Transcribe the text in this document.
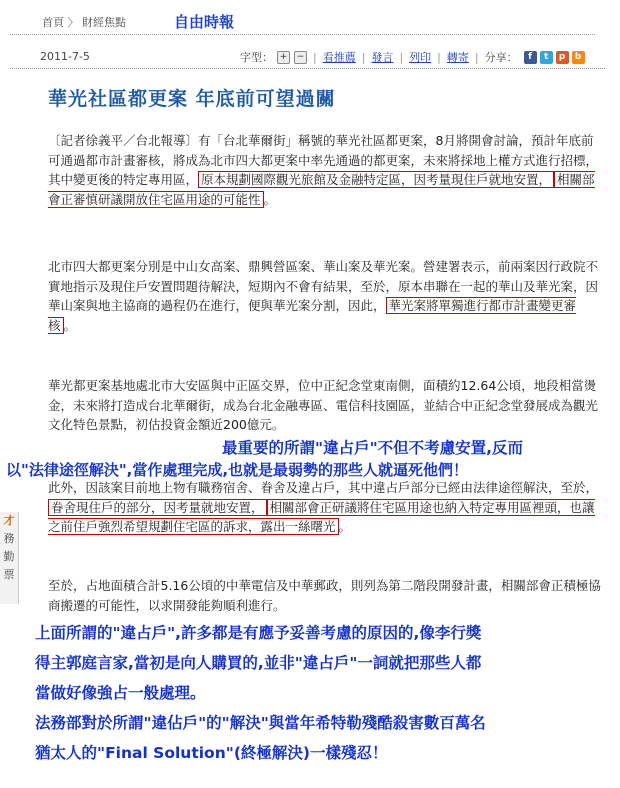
首頁 〉 財經焦點	自由時報
2011-7-5	字型： +	− | 看推薦 | 發言 | 列印 | 轉寄 | 分享：	f	t	p	b
華光社區都更案 年底前可望過關
〔記者徐義平／台北報導〕有「台北華爾街」稱號的華光社區都更案，8月將開會討論，預計年底前可通過都市計畫審核，將成為北市四大都更案中率先通過的都更案，未來將採地上權方式進行招標，其中變更後的特定專用區， 原本規劃國際觀光旅館及金融特定區，因考量現住戶就地安置， 相關部會正審慎研議開放住宅區用途的可能性 。
北市四大都更案分別是中山女高案、鼎興營區案、華山案及華光案。營建署表示，前兩案因行政院不實地指示及現住戶安置問題待解決，短期內不會有結果，至於，原本串聯在一起的華山及華光案，因華山案與地主協商的過程仍在進行，便與華光案分割，因此， 華光案將單獨進行都市計畫變更審核 。
華光都更案基地處北市大安區與中正區交界，位中正紀念堂東南側，面積約12.64公頃，地段相當燙金，未來將打造成台北華爾街，成為台北金融專區、電信科技園區，並結合中正紀念堂發展成為觀光文化特色景點，初估投資金額近200億元。
最重要的所謂"違占戶"不但不考慮安置,反而
以"法律途徑解決",當作處理完成,也就是最弱勢的那些人就逼死他們！
才
務
勤
票
此外，因該案目前地上物有職務宿舍、眷舍及違占戶，其中違占戶部分已經由法律途徑解決，至於，眷舍現住戶的部分，因考量就地安置， 相關部會正研議將住宅區用途也納入特定專用區裡頭，也讓之前住戶強烈希望規劃住宅區的訴求，露出一絲曙光 。
至於，占地面積合計5.16公頃的中華電信及中華郵政，則列為第二階段開發計畫，相關部會正積極協商搬遷的可能性，以求開發能夠順利進行。
上面所謂的"違占戶",許多都是有應予妥善考慮的原因的,像李行獎
得主郭庭言家,當初是向人購買的,並非"違占戶"一詞就把那些人都
當做好像強占一般處理。
法務部對於所謂"違佔戶"的"解決"與當年希特勒殘酷殺害數百萬名
猶太人的"Final Solution"(終極解決)一樣殘忍！
